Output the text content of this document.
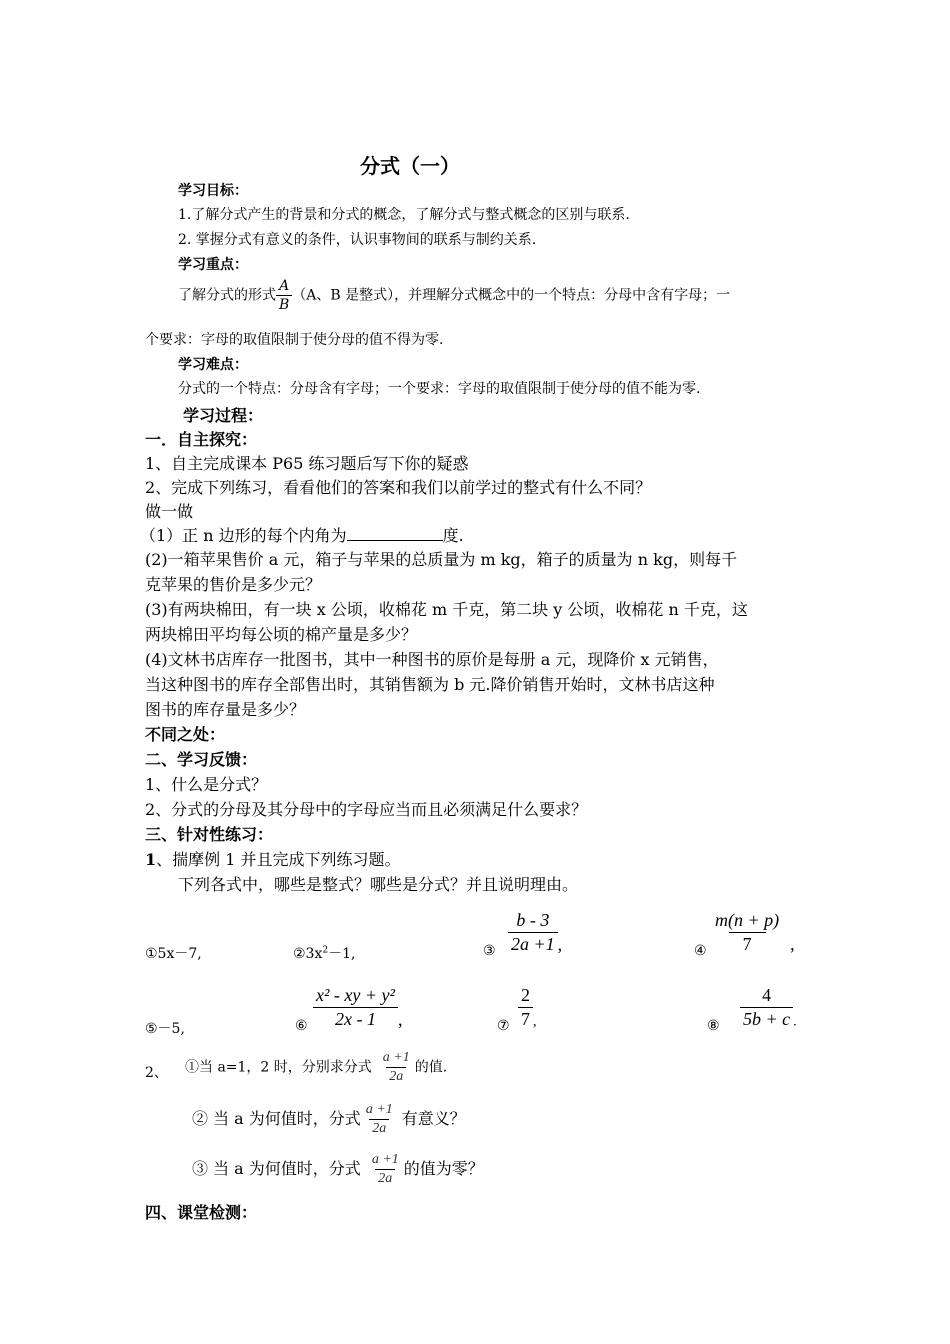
分式（一）
学习目标：
1.了解分式产生的背景和分式的概念，了解分式与整式概念的区别与联系.
2. 掌握分式有意义的条件，认识事物间的联系与制约关系.
学习重点：
了解分式的形式 $\frac{A}{B} (A$、B 是整式），并理解分式概念中的一个特点：分母中含有字母；一
个要求：字母的取值限制于使分母的值不得为零.
学习难点：
分式的一个特点：分母含有字母；一个要求：字母的取值限制于使分母的值不能为零.
学习过程：
一．自主探究：
1、自主完成课本 P65 练习题后写下你的疑惑
2、完成下列练习，看看他们的答案和我们以前学过的整式有什么不同？
做一做
（1）正 n 边形的每个内角为	度.
(2)一箱苹果售价 a 元，箱子与苹果的总质量为 m kg，箱子的质量为 n kg，则每千
克苹果的售价是多少元？
(3)有两块棉田，有一块 x 公顷，收棉花 m 千克，第二块 y 公顷，收棉花 n 千克，这
两块棉田平均每公顷的棉产量是多少？
(4)文林书店库存一批图书，其中一种图书的原价是每册 a 元，现降价 x 元销售，
当这种图书的库存全部售出时，其销售额为 b 元.降价销售开始时，文林书店这种
图书的库存量是多少？
不同之处：
二、学习反馈：
1、什么是分式？
2、分式的分母及其分母中的字母应当而且必须满足什么要求？
三、针对性练习：
1、揣摩例 1 并且完成下列练习题。
下列各式中，哪些是整式？哪些是分式？并且说明理由。
①5x－7,	$②3x^2-1$,	③ $\frac{b - 3}{2a +1}$ ,	④ $\frac{m(n + p)}{7}$ ,
⑤－5,	⑥ $\frac{\text{x² - xy + y²}}{2x - 1}$ ,	⑦ $\frac{2}{7} _,$	⑧ $\frac{4}{5b + c} _.$
2、 ①当 a=1，2 时，分别求分式 $\frac{a +1}{2a}$ 的值.
② 当 a 为何值时，分式 $\frac{a +1}{2a}$ 有意义？
③ 当 a 为何值时，分式 $\frac{a +1}{2a}$ 的值为零？
四、课堂检测：
